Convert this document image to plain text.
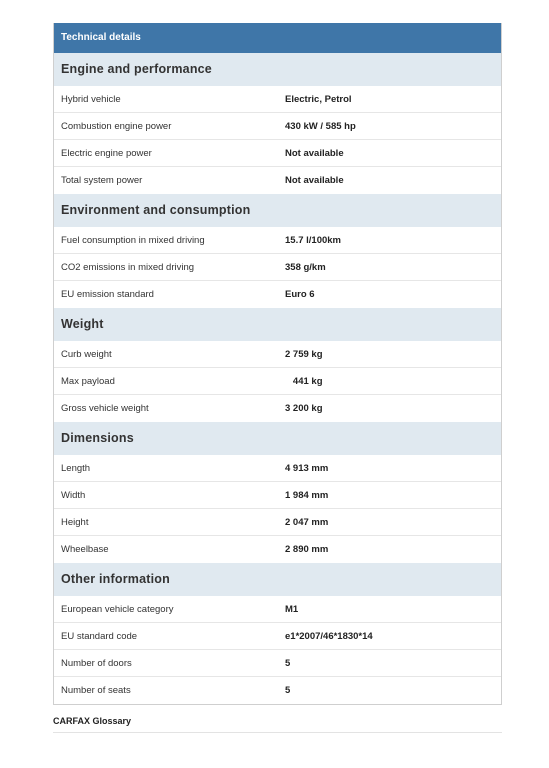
Technical details
Engine and performance
Hybrid vehicle	Electric, Petrol
Combustion engine power	430 kW / 585 hp
Electric engine power	Not available
Total system power	Not available
Environment and consumption
Fuel consumption in mixed driving	15.7 l/100km
CO2 emissions in mixed driving	358 g/km
EU emission standard	Euro 6
Weight
Curb weight	2 759 kg
Max payload	441 kg
Gross vehicle weight	3 200 kg
Dimensions
Length	4 913 mm
Width	1 984 mm
Height	2 047 mm
Wheelbase	2 890 mm
Other information
European vehicle category	M1
EU standard code	e1*2007/46*1830*14
Number of doors	5
Number of seats	5
CARFAX Glossary
